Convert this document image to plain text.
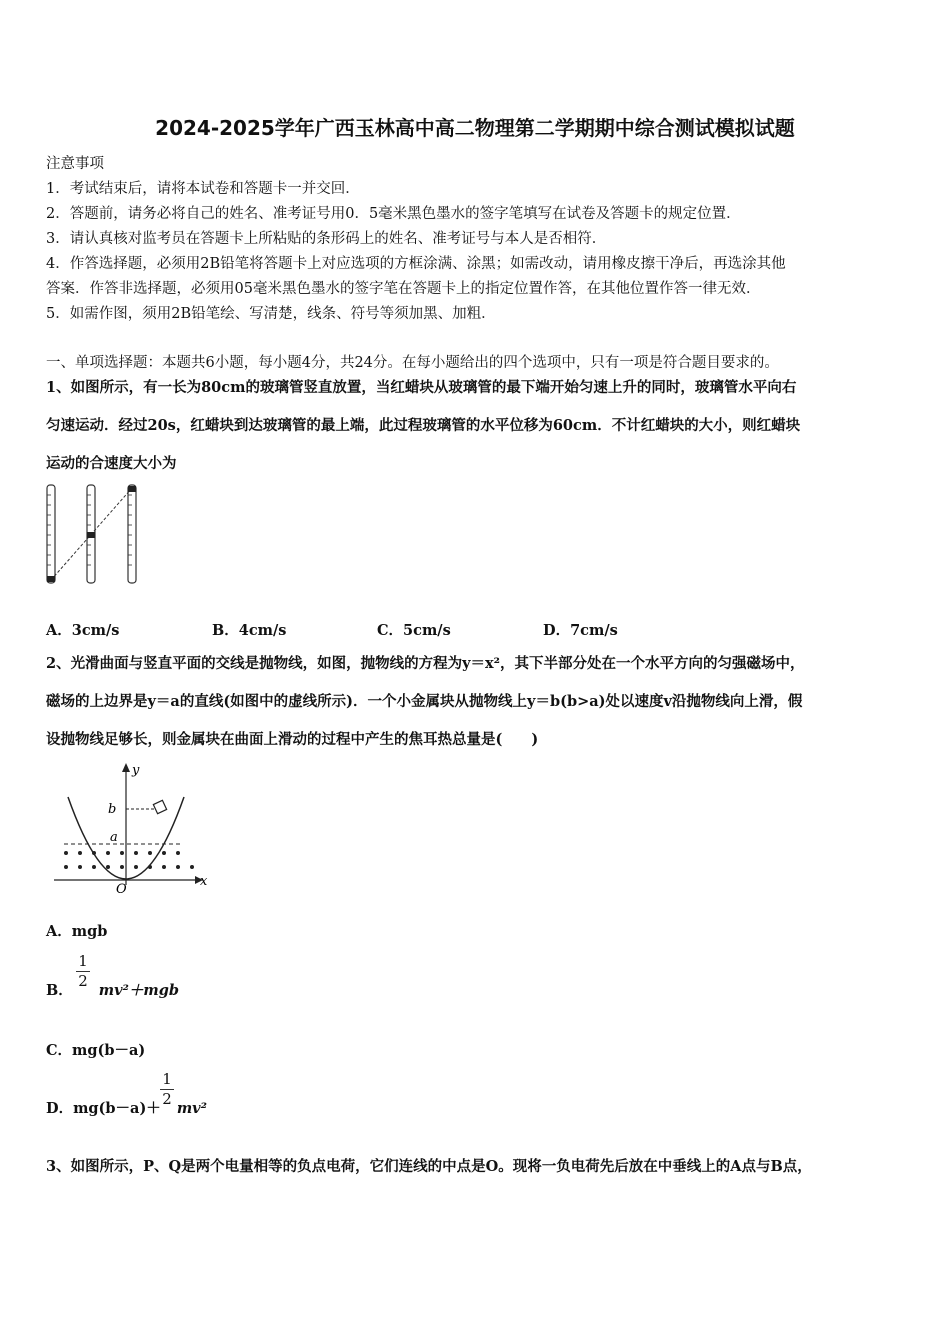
2024-2025学年广西玉林高中高二物理第二学期期中综合测试模拟试题
注意事项
1．考试结束后，请将本试卷和答题卡一并交回．
2．答题前，请务必将自己的姓名、准考证号用0．5毫米黑色墨水的签字笔填写在试卷及答题卡的规定位置．
3．请认真核对监考员在答题卡上所粘贴的条形码上的姓名、准考证号与本人是否相符．
4．作答选择题，必须用2B铅笔将答题卡上对应选项的方框涂满、涂黑；如需改动，请用橡皮擦干净后，再选涂其他
答案．作答非选择题，必须用05毫米黑色墨水的签字笔在答题卡上的指定位置作答，在其他位置作答一律无效．
5．如需作图，须用2B铅笔绘、写清楚，线条、符号等须加黑、加粗．
一、单项选择题：本题共6小题，每小题4分，共24分。在每小题给出的四个选项中，只有一项是符合题目要求的。
1、如图所示，有一长为80cm的玻璃管竖直放置，当红蜡块从玻璃管的最下端开始匀速上升的同时，玻璃管水平向右
匀速运动．经过20s，红蜡块到达玻璃管的最上端，此过程玻璃管的水平位移为60cm．不计红蜡块的大小，则红蜡块
运动的合速度大小为
A．3cm/s	B．4cm/s	C．5cm/s	D．7cm/s
2、光滑曲面与竖直平面的交线是抛物线，如图，抛物线的方程为y＝x²，其下半部分处在一个水平方向的匀强磁场中，
磁场的上边界是y＝a的直线(如图中的虚线所示)．一个小金属块从抛物线上y＝b(b>a)处以速度v沿抛物线向上滑，假
设抛物线足够长，则金属块在曲面上滑动的过程中产生的焦耳热总量是(　　)
y
b
a
x
O
A．mgb
1
2
B． mv²＋mgb
C．mg(b－a)
1
2
D．mg(b－a)＋ mv²
3、如图所示，P、Q是两个电量相等的负点电荷，它们连线的中点是O。现将一负电荷先后放在中垂线上的A点与B点，
